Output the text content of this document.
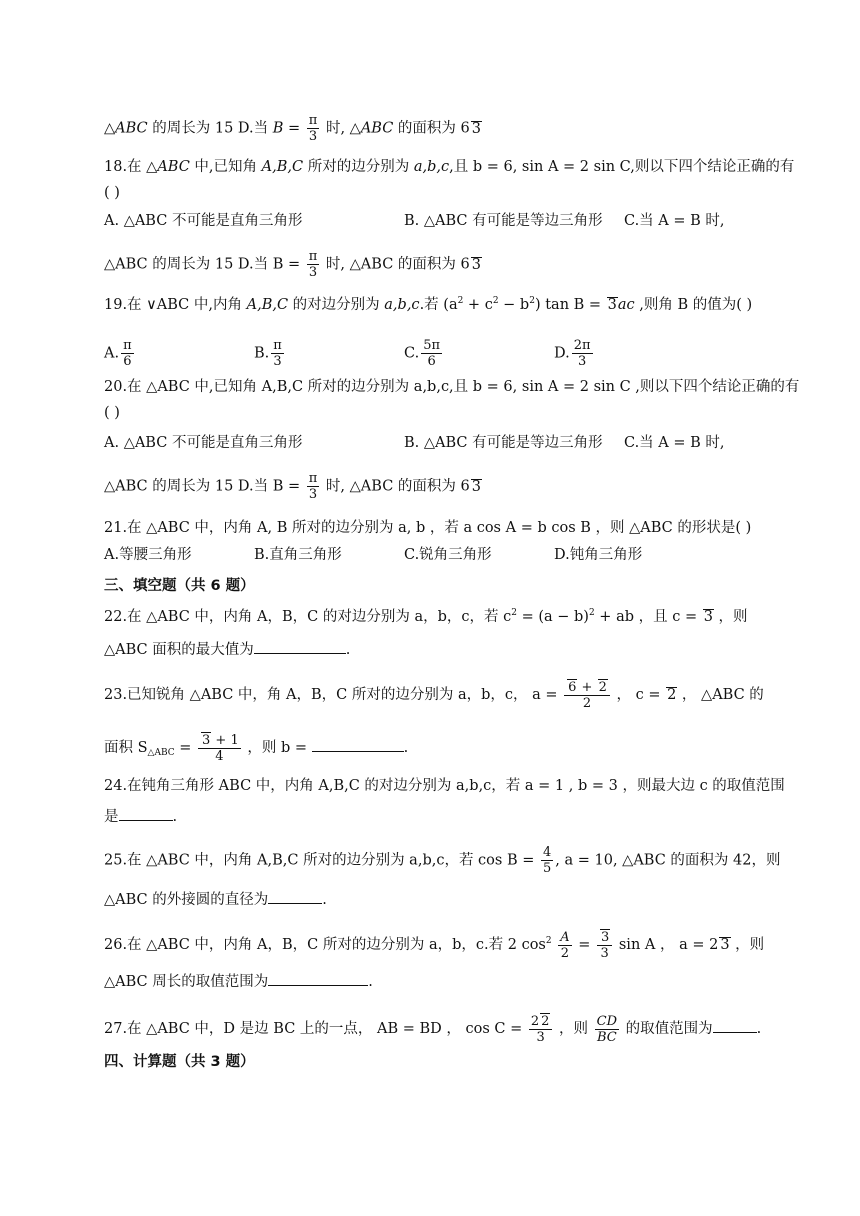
△ABC 的周长为 15 D.当 $B = \frac{\pi}{3}$ 时, △ABC 的面积为 6 3
18.在 △ABC 中,已知角 A,B,C 所对的边分别为 a,b,c,且 b = 6, sin A = 2 sin C,则以下四个结论正确的有
( )
A. △ABC 不可能是直角三角形	B. △ABC 有可能是等边三角形 C.当 A = B 时,
△ABC 的周长为 15 D.当 $B = \frac{\pi}{3}$ 时, △ABC 的面积为 6 3
19.在 ∨ABC 中,内角 A,B,C 的对边分别为 a,b,c.若 $(a^2 + c^2 - b^2)$ tan B = 3ac ,则角 B 的值为( )
A. $\frac{\pi}{6}$	B. $\frac{\pi}{3}$	C. $\frac{5\pi}{6}$	D. $\frac{2\pi}{3}$
20.在 △ABC 中,已知角 A,B,C 所对的边分别为 a,b,c,且 b = 6, sin A = 2 sin C ,则以下四个结论正确的有
( )
A. △ABC 不可能是直角三角形	B. △ABC 有可能是等边三角形 C.当 A = B 时,
△ABC 的周长为 15 D.当 $B = \frac{\pi}{3}$ 时, △ABC 的面积为 6 3
21.在 △ABC 中，内角 A, B 所对的边分别为 a, b ，若 a cos A = b cos B ，则 △ABC 的形状是( )
A.等腰三角形	B.直角三角形	C.锐角三角形	D.钝角三角形
三、填空题（共 6 题）
22.在 △ABC 中，内角 A，B，C 的对边分别为 a，b，c，若 $c^2 = (a - b)^2$ + ab ，且 c = 3 ，则
△ABC 面积的最大值为	.
23.已知锐角 △ABC 中，角 A，B，C 所对的边分别为 a，b，c， $a = \frac{6 + 2}{2}$ ， c = 2 ， △ABC 的
面积 $S_{\triangle ABC} = \frac{3 + 1}{4}$ ，则 b =	.
24.在钝角三角形 ABC 中，内角 A,B,C 的对边分别为 a,b,c，若 a = 1 , b = 3 ，则最大边 c 的取值范围
是	.
25.在 △ABC 中，内角 A,B,C 所对的边分别为 a,b,c，若 $\cos B = \frac{4}{5}$ , a = 10, △ABC 的面积为 42，则
△ABC 的外接圆的直径为	.
26.在 △ABC 中，内角 A，B，C 所对的边分别为 a，b，c.若 2 $\cos^2 \frac{A}{2} = \frac{3}{3}$ sin A ， a = 2 3 ，则
△ABC 周长的取值范围为	.
27.在 △ABC 中，D 是边 BC 上的一点， AB = BD ， $\cos C = \frac{2 2}{3}$ ，则 $\frac{CD}{BC}$ 的取值范围为	.
四、计算题（共 3 题）
